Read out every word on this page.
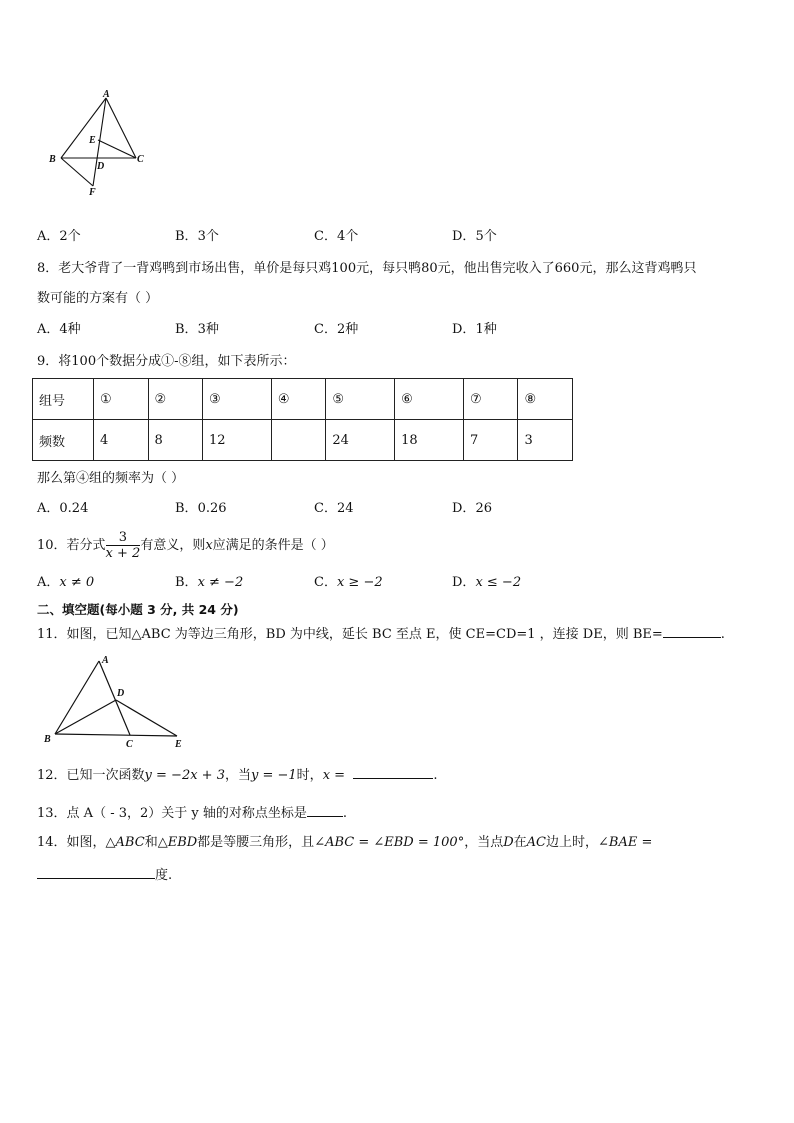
A
B	C
D
E
F
A．2个	B．3个	C．4个	D．5个
8．老大爷背了一背鸡鸭到市场出售，单价是每只鸡100元，每只鸭80元，他出售完收入了660元，那么这背鸡鸭只
数可能的方案有（ ）
A．4种	B．3种	C．2种	D．1种
9．将100个数据分成①-⑧组，如下表所示：
组号	①	②	③	④	⑤	⑥	⑦	⑧
频数	4	8	12		24	18	7	3
那么第④组的频率为（ ）
A．0.24	B．0.26	C．24	D．26
10．若分式 $\frac{3}{x + 2}$ 有意义，则x应满足的条件是（ ）
A．x ≠ 0	B．x ≠ −2	C．x ≥ −2	D．x ≤ −2
二、填空题(每小题 3 分, 共 24 分)
11．如图，已知△ABC 为等边三角形，BD 为中线，延长 BC 至点 E，使 CE=CD=1 ，连接 DE，则 BE=	.
A
B	C
D
E
12．已知一次函数y = −2x + 3，当y = −1时，x =	.
13．点 A（ - 3，2）关于 y 轴的对称点坐标是	.
14．如图，△ABC和△EBD都是等腰三角形，且∠ABC = ∠EBD = 100°，当点D在AC边上时，∠BAE =
度.
